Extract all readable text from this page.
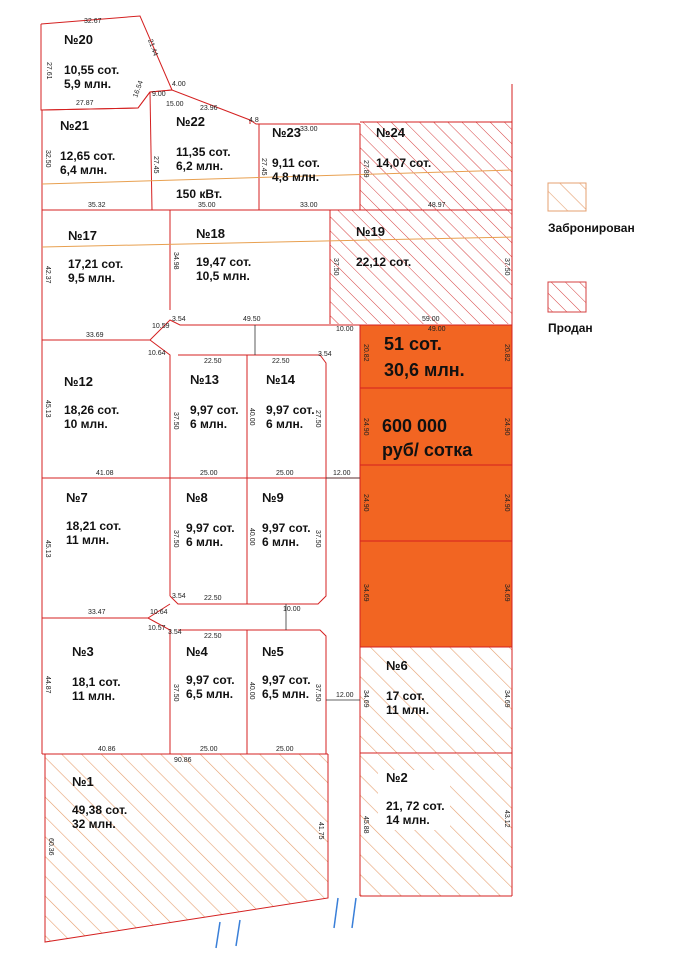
№20
10,55 сот.
5,9 млн.
№21
12,65 сот.
6,4 млн.
№22
11,35 сот.
6,2 млн.
150 кВт.
№23
9,11 сот.
4,8 млн.
№24
14,07 сот.
№17
17,21 сот.
9,5 млн.
№18
19,47 сот.
10,5 млн.
№19
22,12 сот.
№12
18,26 сот.
10 млн.
№13
9,97 сот.
6 млн.
№14
9,97 сот.
6 млн.
№7
18,21 сот.
11 млн.
№8
9,97 сот.
6 млн.
№9
9,97 сот.
6 млн.
№3
18,1 сот.
11 млн.
№4
9,97 сот.
6,5 млн.
№5
9,97 сот.
6,5 млн.
№6
17 сот.
11 млн.
№1
49,38 сот.
32 млн.
№2
21, 72 сот.
14 млн.
51 сот.
30,6 млн.
600 000
руб/ сотка
32.67
21.44
27.61
16.54 9.00
4.00
27.87	15.00
23.96
4.8
33.00
32.50	27.45	27.45	27.89
35.32	35.00	33.00	48.97
42.37
34.98	37.50	37.50
33.69
10.59
3.54	49.50
10.00
59.00
10.64
22.50	22.50
3.54
45.13
37.50	40.00	27.50
41.08	25.00	25.00	12.00
49.00
20.82	20.82
24.90	24.90
24.90	24.90
34.69	34.69
33.47	10.64
3.54	22.50
10.00
45.13
37.50	40.00	37.50
10.57
3.54
22.50
44.87	37.50	40.00	37.50 12.00 34.69	34.69
40.86	25.00	25.00
90.86
60.36
41.75	45.88	43.12
Забронирован
Продан
